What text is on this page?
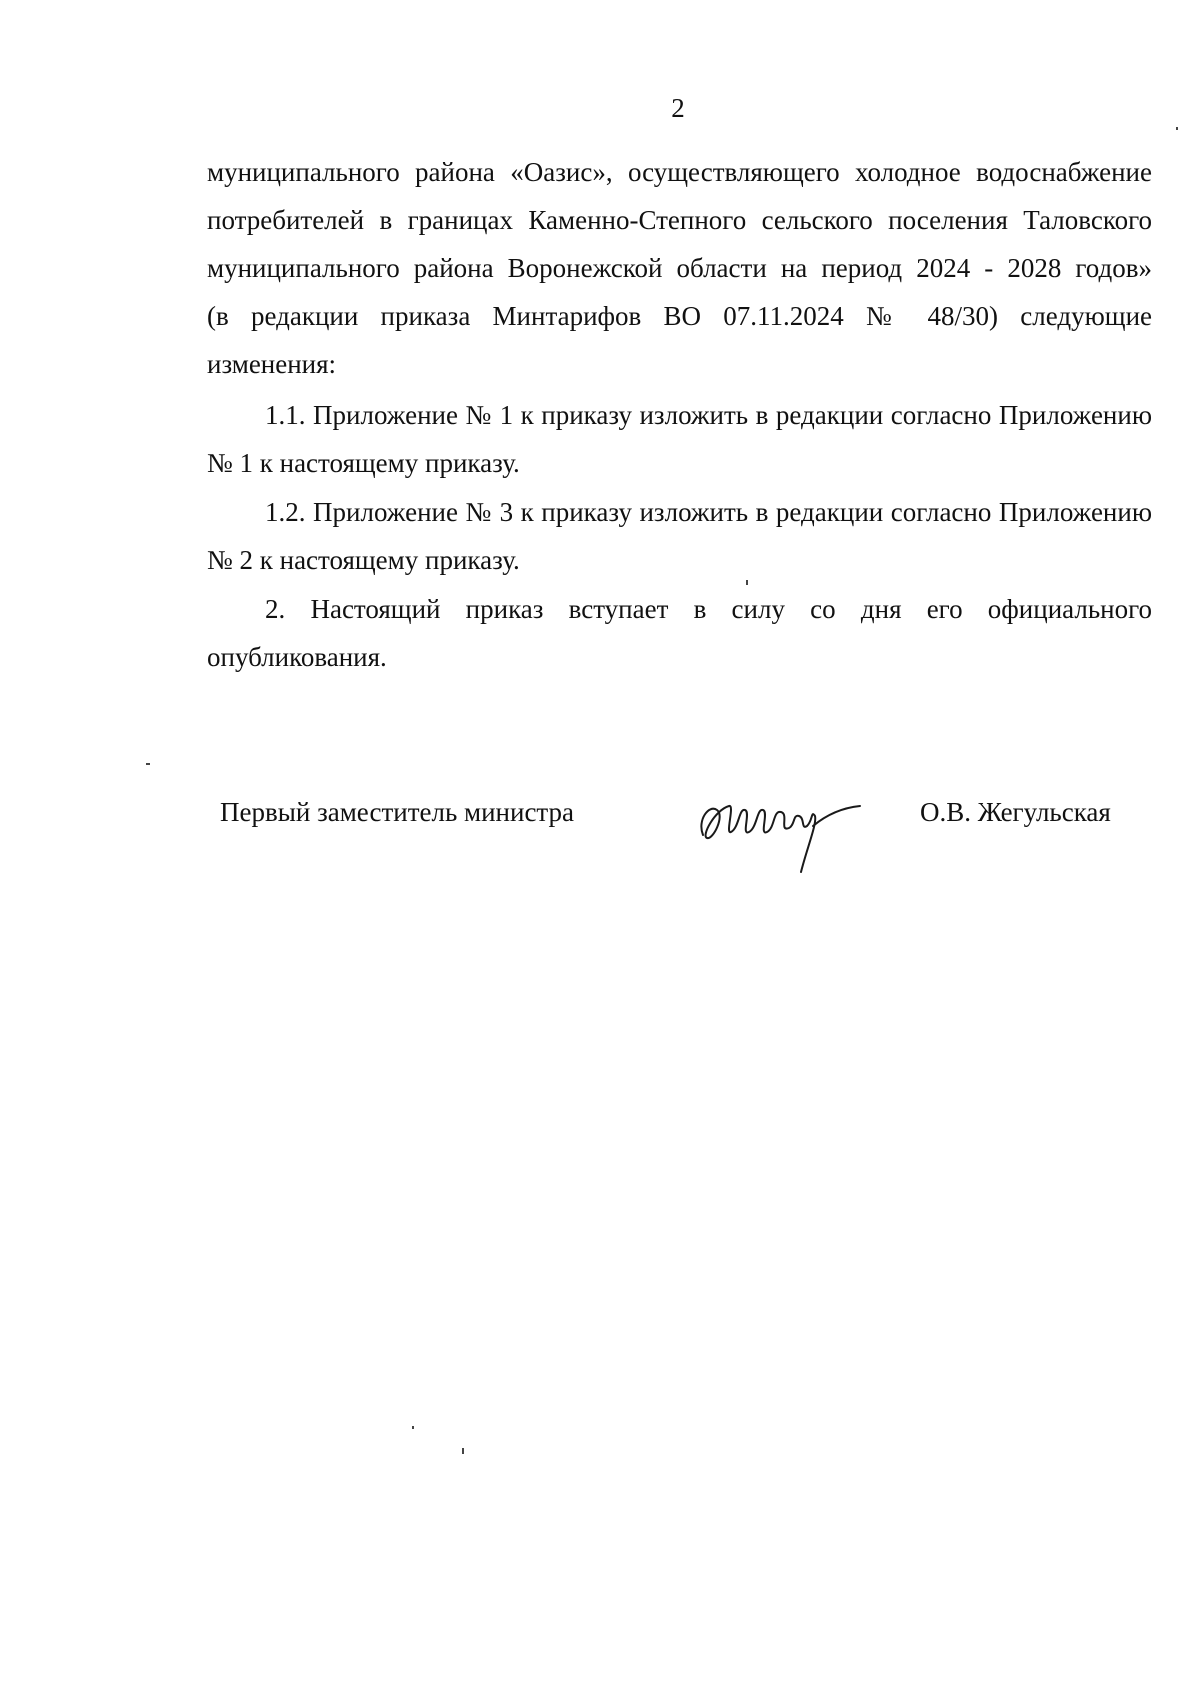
2
муниципального района «Оазис», осуществляющего холодное водоснабжение
потребителей в границах Каменно-Степного сельского поселения Таловского
муниципального района Воронежской области на период 2024 - 2028 годов»
(в редакции приказа Минтарифов ВО 07.11.2024 № 48/30) следующие
изменения:
1.1. Приложение № 1 к приказу изложить в редакции согласно Приложению № 1 к настоящему приказу.
1.2. Приложение № 3 к приказу изложить в редакции согласно Приложению № 2 к настоящему приказу.
2. Настоящий приказ вступает в силу со дня его официального опубликования.
Первый заместитель министра	О.В. Жегульская
